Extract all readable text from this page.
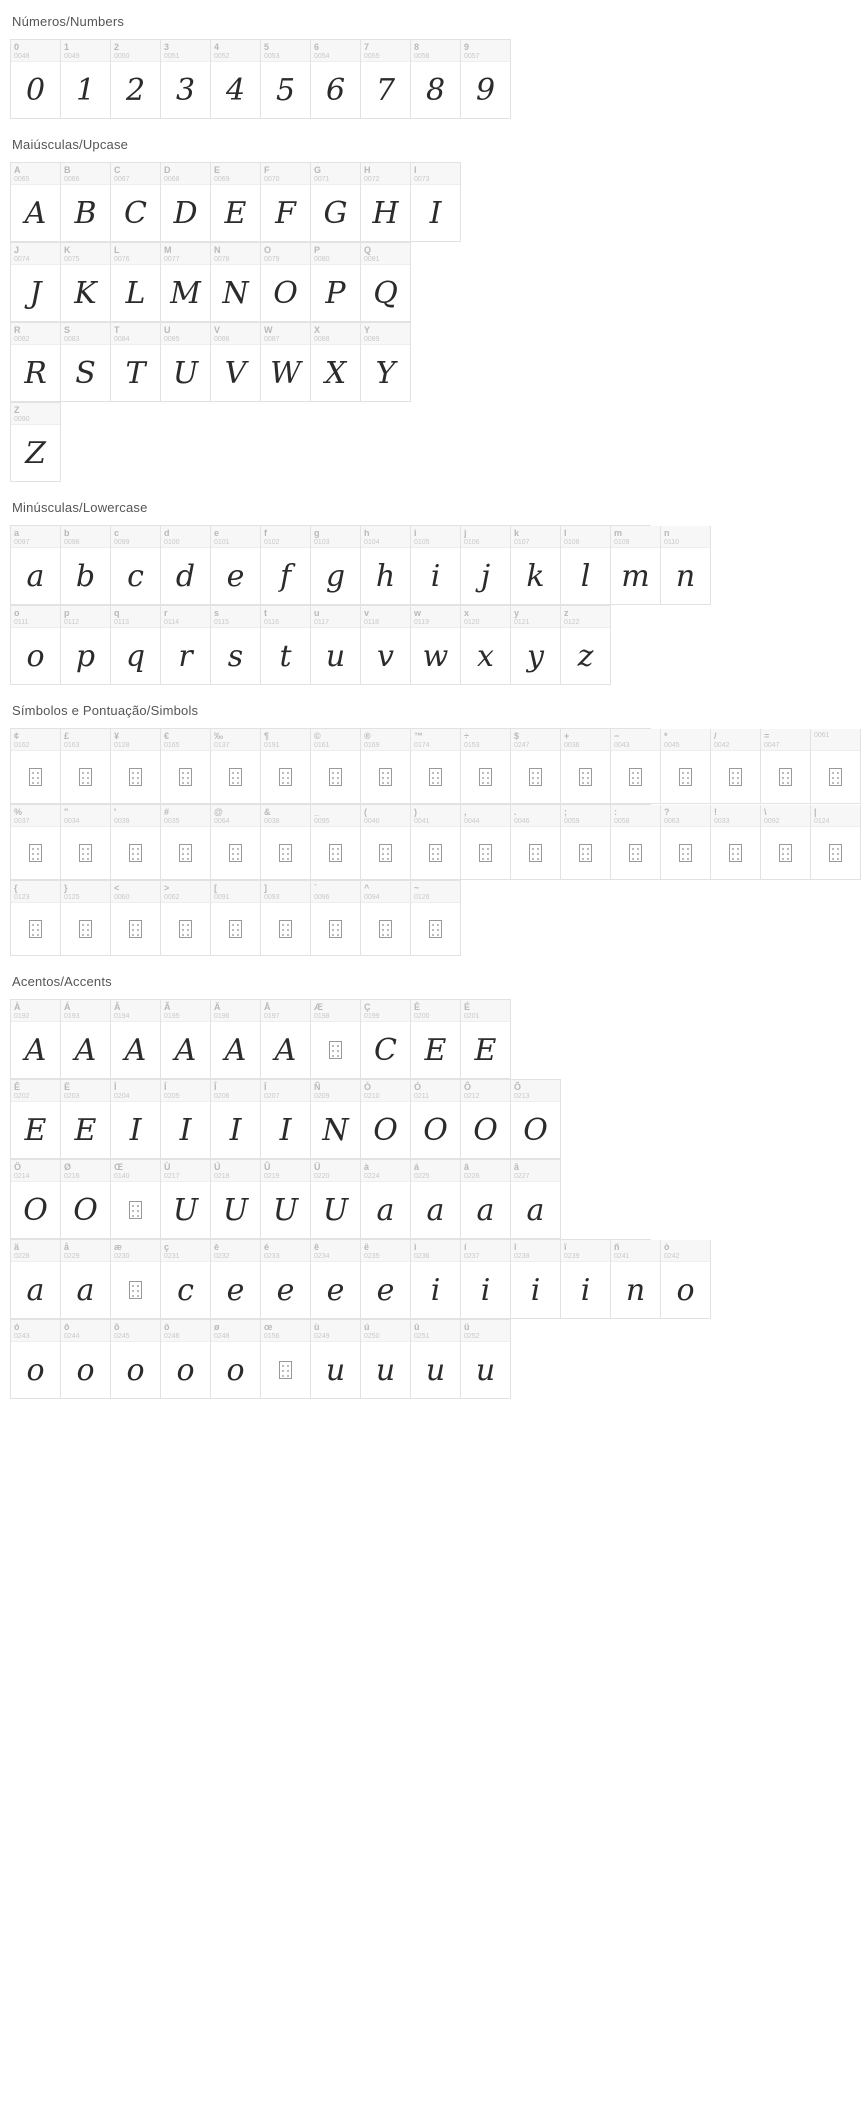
Números/Numbers
0
0048
0
1
0049
1
2
0050
2
3
0051
3
4
0052
4
5
0053
5
6
0054
6
7
0055
7
8
0056
8
9
0057
9
Maiúsculas/Upcase
A
0065
A
B
0066
B
C
0067
C
D
0068
D
E
0069
E
F
0070
F
G
0071
G
H
0072
H
I
0073
I
J
0074
J
K
0075
K
L
0076
L
M
0077
M
N
0078
N
O
0079
O
P
0080
P
Q
0081
Q
R
0082
R
S
0083
S
T
0084
T
U
0085
U
V
0086
V
W
0087
W
X
0088
X
Y
0089
Y
Z
0090
Z
Minúsculas/Lowercase
a
0097
a
b
0098
b
c
0099
c
d
0100
d
e
0101
e
f
0102
f
g
0103
g
h
0104
h
i
0105
i
j
0106
j
k
0107
k
l
0108
l
m
0109
m
n
0110
n
o
0111
o
p
0112
p
q
0113
q
r
0114
r
s
0115
s
t
0116
t
u
0117
u
v
0118
v
w
0119
w
x
0120
x
y
0121
y
z
0122
z
Símbolos e Pontuação/Simbols
¢
0162
£
0163
¥
0128
€
0165
‰
0137
¶
0191
©
0161
®
0169
™
0174
÷
0153
$
0247
+
0036
−
0043
*
0045
/
0042
=
0047
0061
%
0037
"
0034
'
0039
#
0035
@
0064
&
0038
_
0095
(
0040
)
0041
,
0044
.
0046
;
0059
:
0058
?
0063
!
0033
\
0092
|
0124
{
0123
}
0125
<
0060
>
0062
[
0091
]
0093
`
0096
^
0094
~
0126
Acentos/Accents
À
0192
A
Á
0193
A
Â
0194
A
Ã
0195
A
Ä
0196
A
Å
0197
A
Æ
0198
Ç
0199
C
È
0200
E
É
0201
E
Ê
0202
E
Ë
0203
E
Ì
0204
I
Í
0205
I
Î
0206
I
Ï
0207
I
Ñ
0209
N
Ò
0210
O
Ó
0211
O
Ô
0212
O
Õ
0213
O
Ö
0214
O
Ø
0216
O
Œ
0140
Ù
0217
U
Ú
0218
U
Û
0219
U
Ü
0220
U
à
0224
a
á
0225
a
â
0226
a
ã
0227
a
ä
0228
a
å
0229
a
æ
0230
ç
0231
c
è
0232
e
é
0233
e
ê
0234
e
ë
0235
e
ì
0236
i
í
0237
i
î
0238
i
ï
0239
i
ñ
0241
n
ò
0242
o
ó
0243
o
ô
0244
o
õ
0245
o
ö
0246
o
ø
0248
o
œ
0156
ù
0249
u
ú
0250
u
û
0251
u
ü
0252
u
